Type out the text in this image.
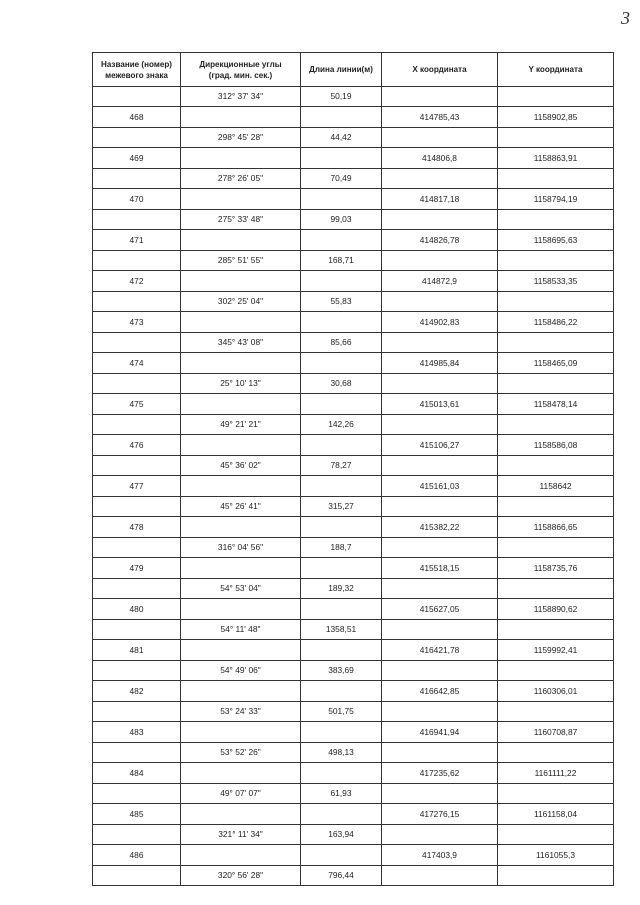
3
Название (номер)
межевого знака	Дирекционные углы
(град. мин. сек.)	Длина линии(м)	X координата	Y координата
	312° 37' 34"	50,19		
468			414785,43	1158902,85
	298° 45' 28"	44,42		
469			414806,8	1158863,91
	278° 26' 05"	70,49		
470			414817,18	1158794,19
	275° 33' 48"	99,03		
471			414826,78	1158695,63
	285° 51' 55"	168,71		
472			414872,9	1158533,35
	302° 25' 04"	55,83		
473			414902,83	1158486,22
	345° 43' 08"	85,66		
474			414985,84	1158465,09
	25° 10' 13"	30,68		
475			415013,61	1158478,14
	49° 21' 21"	142,26		
476			415106,27	1158586,08
	45° 36' 02"	78,27		
477			415161,03	1158642
	45° 26' 41"	315,27		
478			415382,22	1158866,65
	316° 04' 56"	188,7		
479			415518,15	1158735,76
	54° 53' 04"	189,32		
480			415627,05	1158890,62
	54° 11' 48"	1358,51		
481			416421,78	1159992,41
	54° 49' 06"	383,69		
482			416642,85	1160306,01
	53° 24' 33"	501,75		
483			416941,94	1160708,87
	53° 52' 26"	498,13		
484			417235,62	1161111,22
	49° 07' 07"	61,93		
485			417276,15	1161158,04
	321° 11' 34"	163,94		
486			417403,9	1161055,3
	320° 56' 28"	796,44		
